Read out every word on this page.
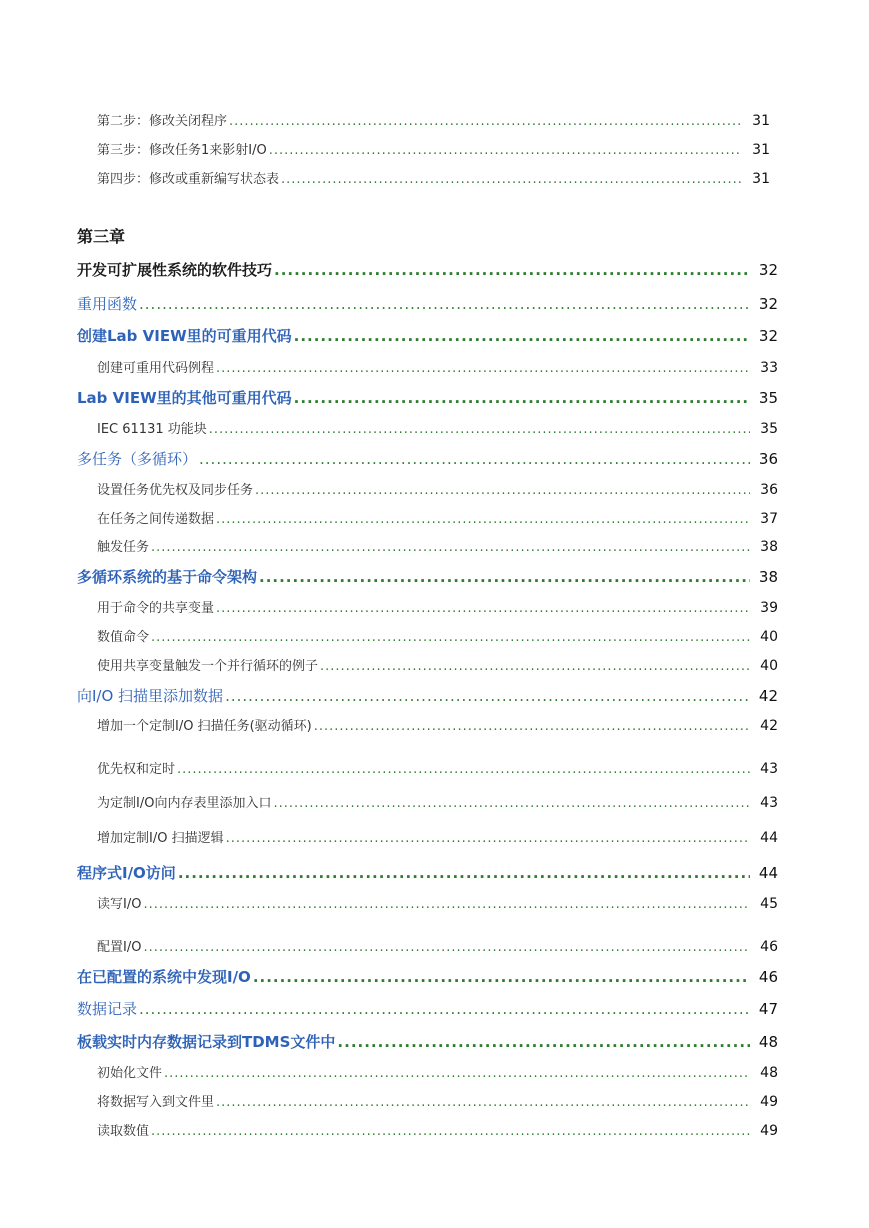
第二步：修改关闭程序 .....	31
第三步：修改任务1来影射I/O .....	31
第四步：修改或重新编写状态表 .....	31
第三章
开发可扩展性系统的软件技巧 .....	32
重用函数 .....	32
创建Lab VIEW里的可重用代码 .....	32
创建可重用代码例程 .....	33
Lab VIEW里的其他可重用代码 .....	35
IEC 61131 功能块 .....	35
多任务（多循环） .....	36
设置任务优先权及同步任务 .....	36
在任务之间传递数据 .....	37
触发任务 .....	38
多循环系统的基于命令架构 .....	38
用于命令的共享变量 .....	39
数值命令 .....	40
使用共享变量触发一个并行循环的例子 .....	40
向I/O 扫描里添加数据 .....	42
增加一个定制I/O 扫描任务(驱动循环) .....	42
优先权和定时 .....	43
为定制I/O向内存表里添加入口 .....	43
增加定制I/O 扫描逻辑 .....	44
程序式I/O访问 .....	44
读写I/O .....	45
配置I/O .....	46
在已配置的系统中发现I/O .....	46
数据记录 .....	47
板载实时内存数据记录到TDMS文件中 .....	48
初始化文件 .....	48
将数据写入到文件里 .....	49
读取数值 .....	49
